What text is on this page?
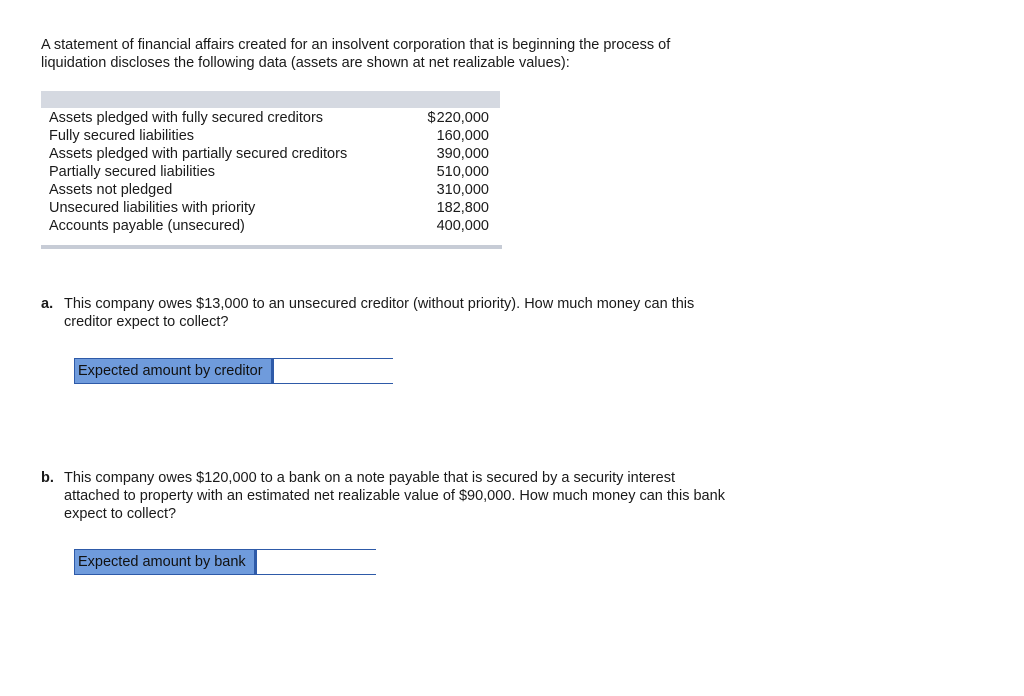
A statement of financial affairs created for an insolvent corporation that is beginning the process of

liquidation discloses the following data (assets are shown at net realizable values):

Assets pledged with fully secured creditors	$220,000
Fully secured liabilities	160,000
Assets pledged with partially secured creditors	390,000
Partially secured liabilities	510,000
Assets not pledged	310,000
Unsecured liabilities with priority	182,800
Accounts payable (unsecured)	400,000
a. This company owes $13,000 to an unsecured creditor (without priority). How much money can this
creditor expect to collect?
Expected amount by creditor
b. This company owes $120,000 to a bank on a note payable that is secured by a security interest
attached to property with an estimated net realizable value of $90,000. How much money can this bank
expect to collect?
Expected amount by bank
